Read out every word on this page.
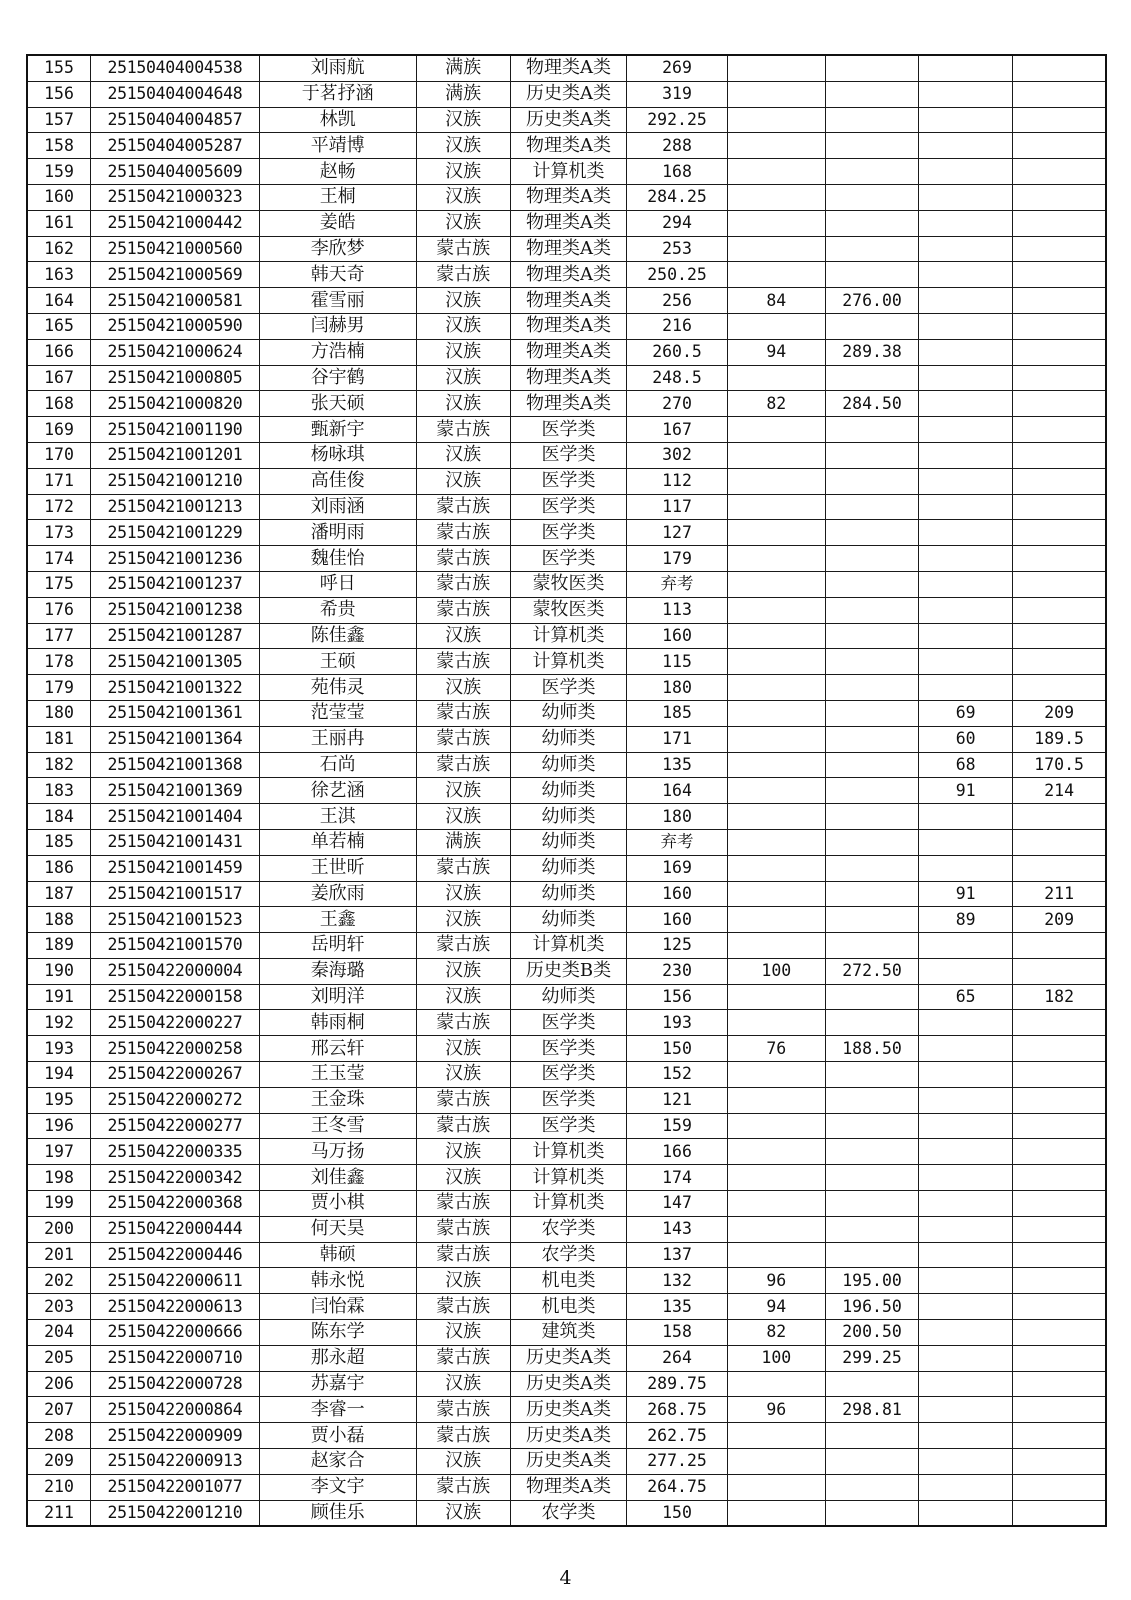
155	25150404004538	刘雨航	满族	物理类A类	269				
156	25150404004648	于茗抒涵	满族	历史类A类	319				
157	25150404004857	林凯	汉族	历史类A类	292.25				
158	25150404005287	平靖博	汉族	物理类A类	288				
159	25150404005609	赵畅	汉族	计算机类	168				
160	25150421000323	王桐	汉族	物理类A类	284.25				
161	25150421000442	姜皓	汉族	物理类A类	294				
162	25150421000560	李欣梦	蒙古族	物理类A类	253				
163	25150421000569	韩天奇	蒙古族	物理类A类	250.25				
164	25150421000581	霍雪丽	汉族	物理类A类	256	84	276.00		
165	25150421000590	闫赫男	汉族	物理类A类	216				
166	25150421000624	方浩楠	汉族	物理类A类	260.5	94	289.38		
167	25150421000805	谷宇鹤	汉族	物理类A类	248.5				
168	25150421000820	张天硕	汉族	物理类A类	270	82	284.50		
169	25150421001190	甄新宇	蒙古族	医学类	167				
170	25150421001201	杨咏琪	汉族	医学类	302				
171	25150421001210	高佳俊	汉族	医学类	112				
172	25150421001213	刘雨涵	蒙古族	医学类	117				
173	25150421001229	潘明雨	蒙古族	医学类	127				
174	25150421001236	魏佳怡	蒙古族	医学类	179				
175	25150421001237	呼日	蒙古族	蒙牧医类	弃考				
176	25150421001238	希贵	蒙古族	蒙牧医类	113				
177	25150421001287	陈佳鑫	汉族	计算机类	160				
178	25150421001305	王硕	蒙古族	计算机类	115				
179	25150421001322	苑伟灵	汉族	医学类	180				
180	25150421001361	范莹莹	蒙古族	幼师类	185			69	209
181	25150421001364	王丽冉	蒙古族	幼师类	171			60	189.5
182	25150421001368	石尚	蒙古族	幼师类	135			68	170.5
183	25150421001369	徐艺涵	汉族	幼师类	164			91	214
184	25150421001404	王淇	汉族	幼师类	180				
185	25150421001431	单若楠	满族	幼师类	弃考				
186	25150421001459	王世昕	蒙古族	幼师类	169				
187	25150421001517	姜欣雨	汉族	幼师类	160			91	211
188	25150421001523	王鑫	汉族	幼师类	160			89	209
189	25150421001570	岳明轩	蒙古族	计算机类	125				
190	25150422000004	秦海璐	汉族	历史类B类	230	100	272.50		
191	25150422000158	刘明洋	汉族	幼师类	156			65	182
192	25150422000227	韩雨桐	蒙古族	医学类	193				
193	25150422000258	邢云轩	汉族	医学类	150	76	188.50		
194	25150422000267	王玉莹	汉族	医学类	152				
195	25150422000272	王金珠	蒙古族	医学类	121				
196	25150422000277	王冬雪	蒙古族	医学类	159				
197	25150422000335	马万扬	汉族	计算机类	166				
198	25150422000342	刘佳鑫	汉族	计算机类	174				
199	25150422000368	贾小棋	蒙古族	计算机类	147				
200	25150422000444	何天昊	蒙古族	农学类	143				
201	25150422000446	韩硕	蒙古族	农学类	137				
202	25150422000611	韩永悦	汉族	机电类	132	96	195.00		
203	25150422000613	闫怡霖	蒙古族	机电类	135	94	196.50		
204	25150422000666	陈东学	汉族	建筑类	158	82	200.50		
205	25150422000710	那永超	蒙古族	历史类A类	264	100	299.25		
206	25150422000728	苏嘉宇	汉族	历史类A类	289.75				
207	25150422000864	李睿一	蒙古族	历史类A类	268.75	96	298.81		
208	25150422000909	贾小磊	蒙古族	历史类A类	262.75				
209	25150422000913	赵家合	汉族	历史类A类	277.25				
210	25150422001077	李文宇	蒙古族	物理类A类	264.75				
211	25150422001210	顾佳乐	汉族	农学类	150				
4
